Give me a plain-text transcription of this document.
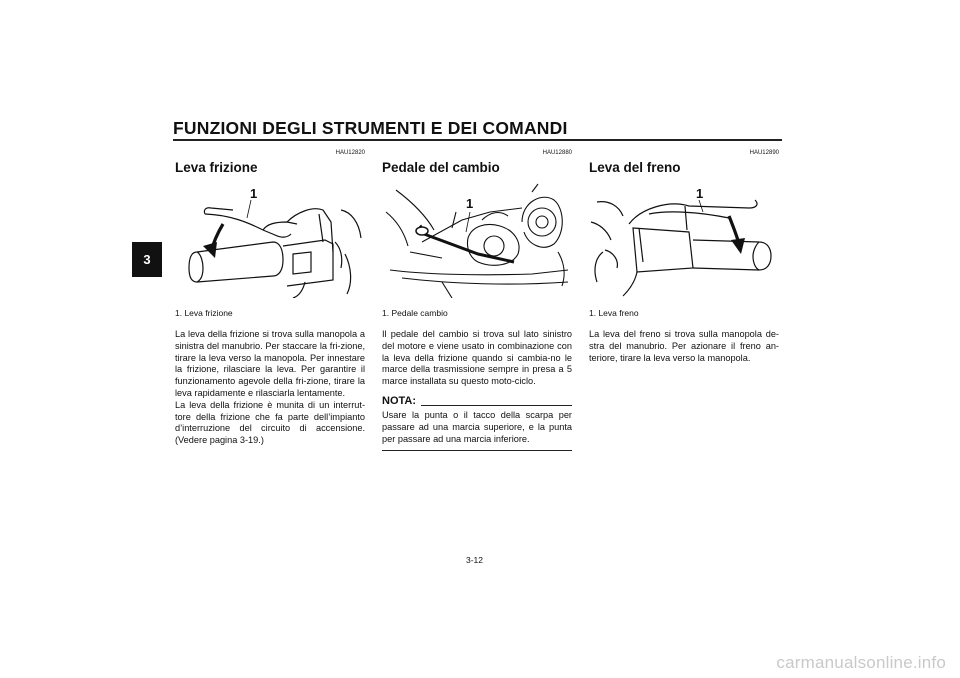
FUNZIONI DEGLI STRUMENTI E DEI COMANDI
3
HAU12820
Leva frizione
1
1. Leva frizione

La leva della frizione si trova sulla manopola a sinistra del manubrio. Per staccare la fri-zione, tirare la leva verso la manopola. Per innestare la frizione, rilasciare la leva. Per garantire il funzionamento agevole della fri-zione, tirare la leva rapidamente e rilasciarla lentamente.

La leva della frizione è munita di un interrut-tore della frizione che fa parte dell’impianto d’interruzione del circuito di accensione. (Vedere pagina 3-19.)

HAU12880
Pedale del cambio
1
1. Pedale cambio

Il pedale del cambio si trova sul lato sinistro del motore e viene usato in combinazione con la leva della frizione quando si cambia-no le marce della trasmissione sempre in presa a 5 marce installata su questo moto-ciclo.

NOTA:
Usare la punta o il tacco della scarpa per passare ad una marcia superiore, e la punta per passare ad una marcia inferiore.
HAU12890
Leva del freno
1
1. Leva freno

La leva del freno si trova sulla manopola de-stra del manubrio. Per azionare il freno an-teriore, tirare la leva verso la manopola.

3-12
carmanualsonline.info
